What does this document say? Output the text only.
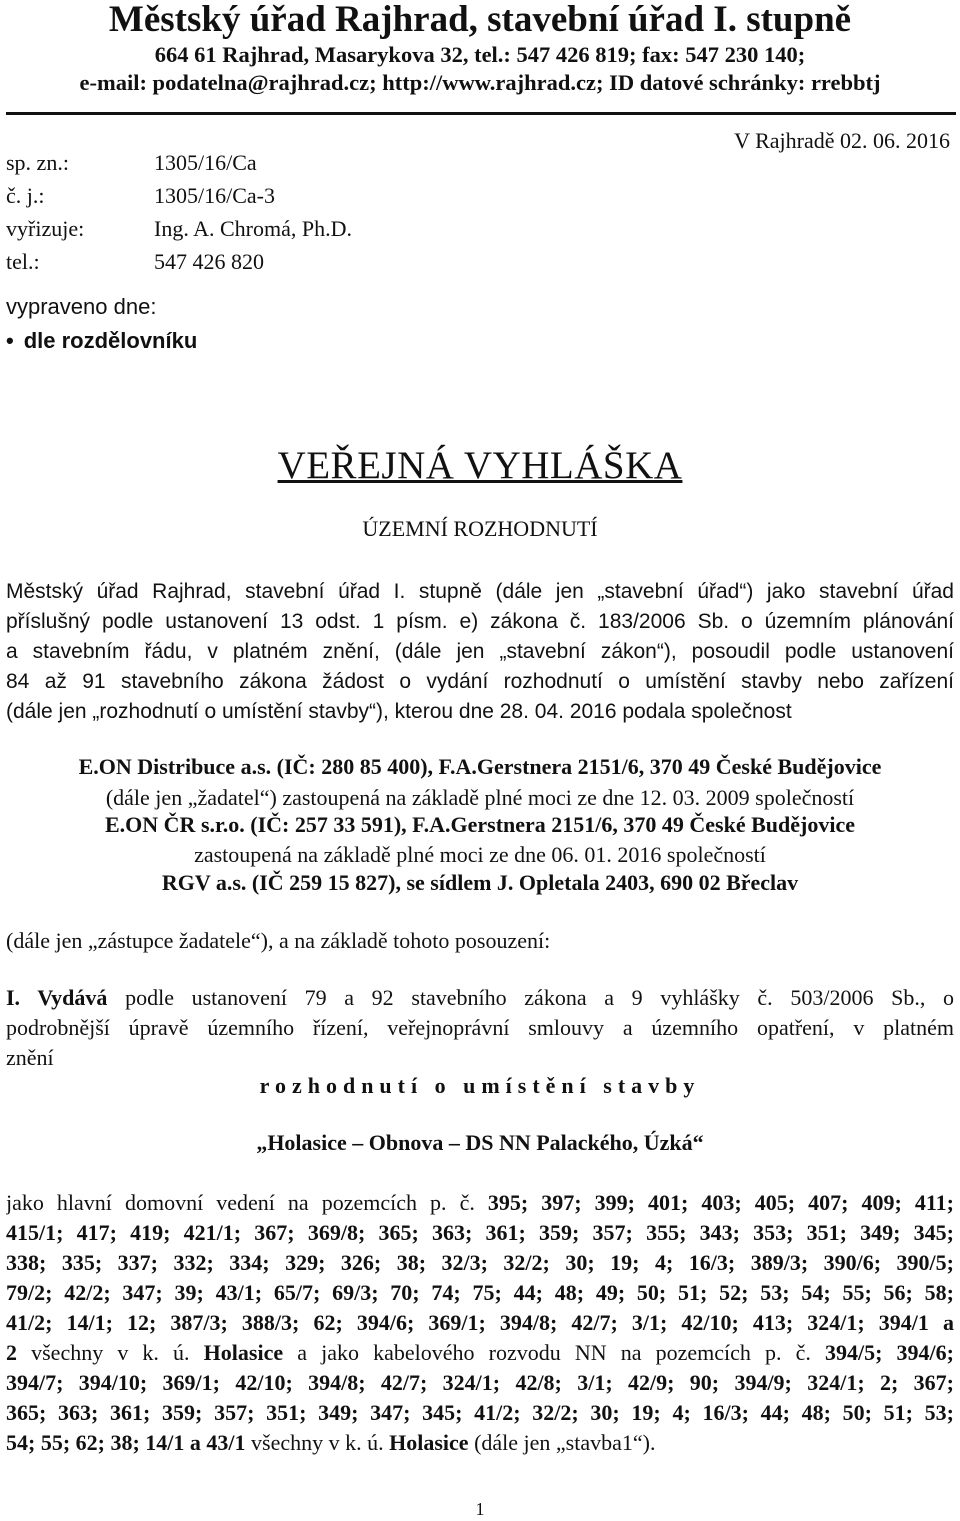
Městský úřad Rajhrad, stavební úřad I. stupně
664 61 Rajhrad, Masarykova 32, tel.: 547 426 819; fax: 547 230 140;
e-mail: podatelna@rajhrad.cz; http://www.rajhrad.cz; ID datové schránky: rrebbtj
V Rajhradě 02. 06. 2016
sp. zn.:	1305/16/Ca
č. j.:	1305/16/Ca-3
vyřizuje:	Ing. A. Chromá, Ph.D.
tel.:	547 426 820
vypraveno dne:
• dle rozdělovníku
VEŘEJNÁ VYHLÁŠKA
ÚZEMNÍ ROZHODNUTÍ
Městský úřad Rajhrad, stavební úřad I. stupně (dále jen „stavební úřad“) jako stavební úřad
příslušný podle ustanovení 13 odst. 1 písm. e) zákona č. 183/2006 Sb. o územním plánování
a stavebním řádu, v platném znění, (dále jen „stavební zákon“), posoudil podle ustanovení
84 až 91 stavebního zákona žádost o vydání rozhodnutí o umístění stavby nebo zařízení
(dále jen „rozhodnutí o umístění stavby“), kterou dne 28. 04. 2016 podala společnost
E.ON Distribuce a.s. (IČ: 280 85 400), F.A.Gerstnera 2151/6, 370 49 České Budějovice
(dále jen „žadatel“) zastoupená na základě plné moci ze dne 12. 03. 2009 společností
E.ON ČR s.r.o. (IČ: 257 33 591), F.A.Gerstnera 2151/6, 370 49 České Budějovice
zastoupená na základě plné moci ze dne 06. 01. 2016 společností
RGV a.s. (IČ 259 15 827), se sídlem J. Opletala 2403, 690 02 Břeclav
(dále jen „zástupce žadatele“), a na základě tohoto posouzení:
I. Vydává podle ustanovení 79 a 92 stavebního zákona a 9 vyhlášky č. 503/2006 Sb., o
podrobnější úpravě územního řízení, veřejnoprávní smlouvy a územního opatření, v platném
znění
rozhodnutí o umístění stavby
„Holasice – Obnova – DS NN Palackého, Úzká“
jako hlavní domovní vedení na pozemcích p. č. 395; 397; 399; 401; 403; 405; 407; 409; 411;
415/1; 417; 419; 421/1; 367; 369/8; 365; 363; 361; 359; 357; 355; 343; 353; 351; 349; 345;
338; 335; 337; 332; 334; 329; 326; 38; 32/3; 32/2; 30; 19; 4; 16/3; 389/3; 390/6; 390/5;
79/2; 42/2; 347; 39; 43/1; 65/7; 69/3; 70; 74; 75; 44; 48; 49; 50; 51; 52; 53; 54; 55; 56; 58;
41/2; 14/1; 12; 387/3; 388/3; 62; 394/6; 369/1; 394/8; 42/7; 3/1; 42/10; 413; 324/1; 394/1 a
2 všechny v k. ú. Holasice a jako kabelového rozvodu NN na pozemcích p. č. 394/5; 394/6;
394/7; 394/10; 369/1; 42/10; 394/8; 42/7; 324/1; 42/8; 3/1; 42/9; 90; 394/9; 324/1; 2; 367;
365; 363; 361; 359; 357; 351; 349; 347; 345; 41/2; 32/2; 30; 19; 4; 16/3; 44; 48; 50; 51; 53;
54; 55; 62; 38; 14/1 a 43/1 všechny v k. ú. Holasice (dále jen „stavba1“).
1
